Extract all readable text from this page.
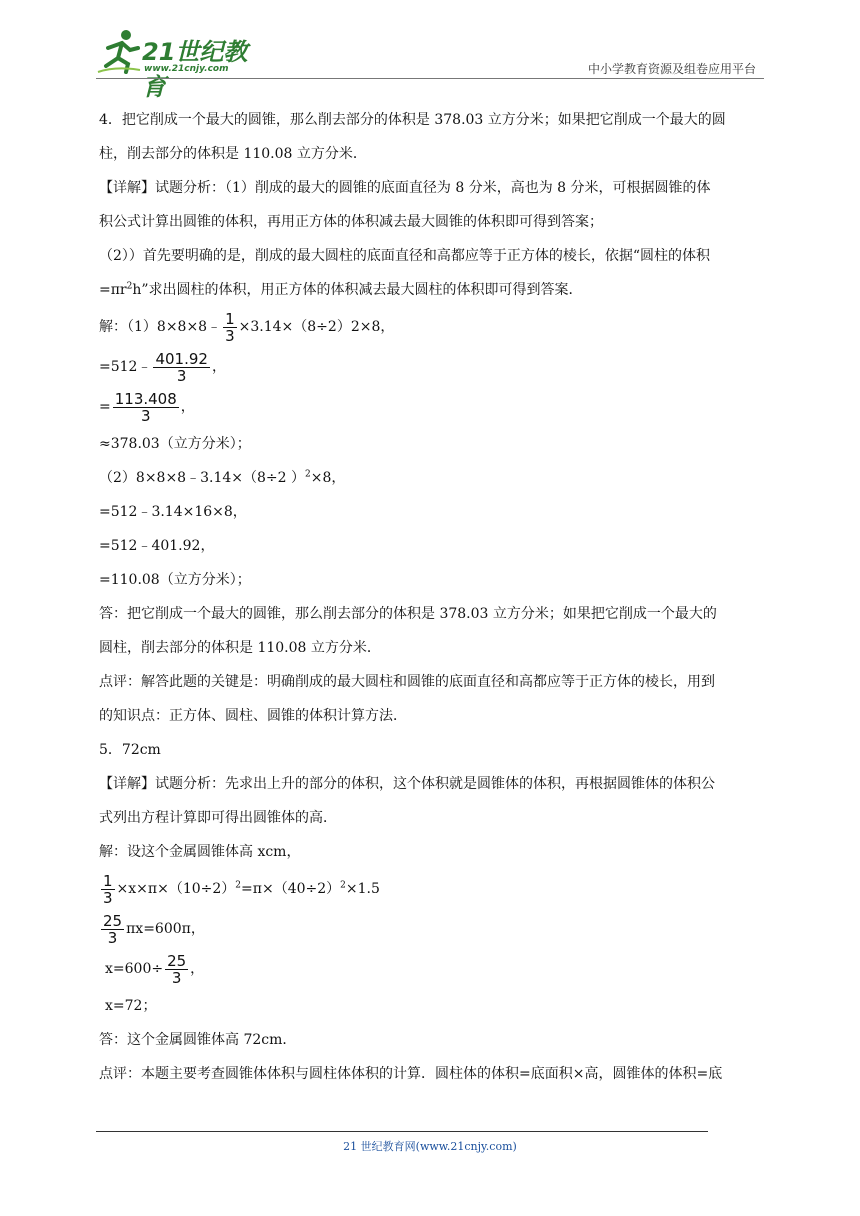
21世纪教育
www.21cnjy.com	中小学教育资源及组卷应用平台
4．把它削成一个最大的圆锥，那么削去部分的体积是 378.03 立方分米；如果把它削成一个最大的圆
柱，削去部分的体积是 110.08 立方分米．
【详解】试题分析：（1）削成的最大的圆锥的底面直径为 8 分米，高也为 8 分米，可根据圆锥的体
积公式计算出圆锥的体积，再用正方体的体积减去最大圆锥的体积即可得到答案；
（2））首先要明确的是，削成的最大圆柱的底面直径和高都应等于正方体的棱长，依据“圆柱的体积
$=\pi r^2h$”求出圆柱的体积，用正方体的体积减去最大圆柱的体积即可得到答案．
解：（1）8×8×8﹣ $\frac{1}{3} \times 3.14\times(8\div 2)2\times 8$，
=512﹣ $\frac{401.92}{3}$ ，
= $\frac{113.408}{3}$ ，
≈378.03（立方分米）；
（2）8×8×8﹣3.14×（8÷2 ）$^2$×8，
=512﹣3.14×16×8，
=512﹣401.92，
=110.08（立方分米）；
答：把它削成一个最大的圆锥，那么削去部分的体积是 378.03 立方分米；如果把它削成一个最大的
圆柱，削去部分的体积是 110.08 立方分米．
点评：解答此题的关键是：明确削成的最大圆柱和圆锥的底面直径和高都应等于正方体的棱长，用到
的知识点：正方体、圆柱、圆锥的体积计算方法．
5．72cm
【详解】试题分析：先求出上升的部分的体积，这个体积就是圆锥体的体积，再根据圆锥体的体积公
式列出方程计算即可得出圆锥体的高．
解：设这个金属圆锥体高 xcm，
$\frac{1}{3} \times x\times\pi\times(10\div 2)^2=\pi\times(40\div 2)^2\times 1.5$
$\frac{25}{3} \pi x=600\pi$，
$x=600\div \frac{25}{3}$ ，
x=72；
答：这个金属圆锥体高 72cm．
点评：本题主要考查圆锥体体积与圆柱体体积的计算．圆柱体的体积=底面积×高，圆锥体的体积=底
21 世纪教育网(www.21cnjy.com)
